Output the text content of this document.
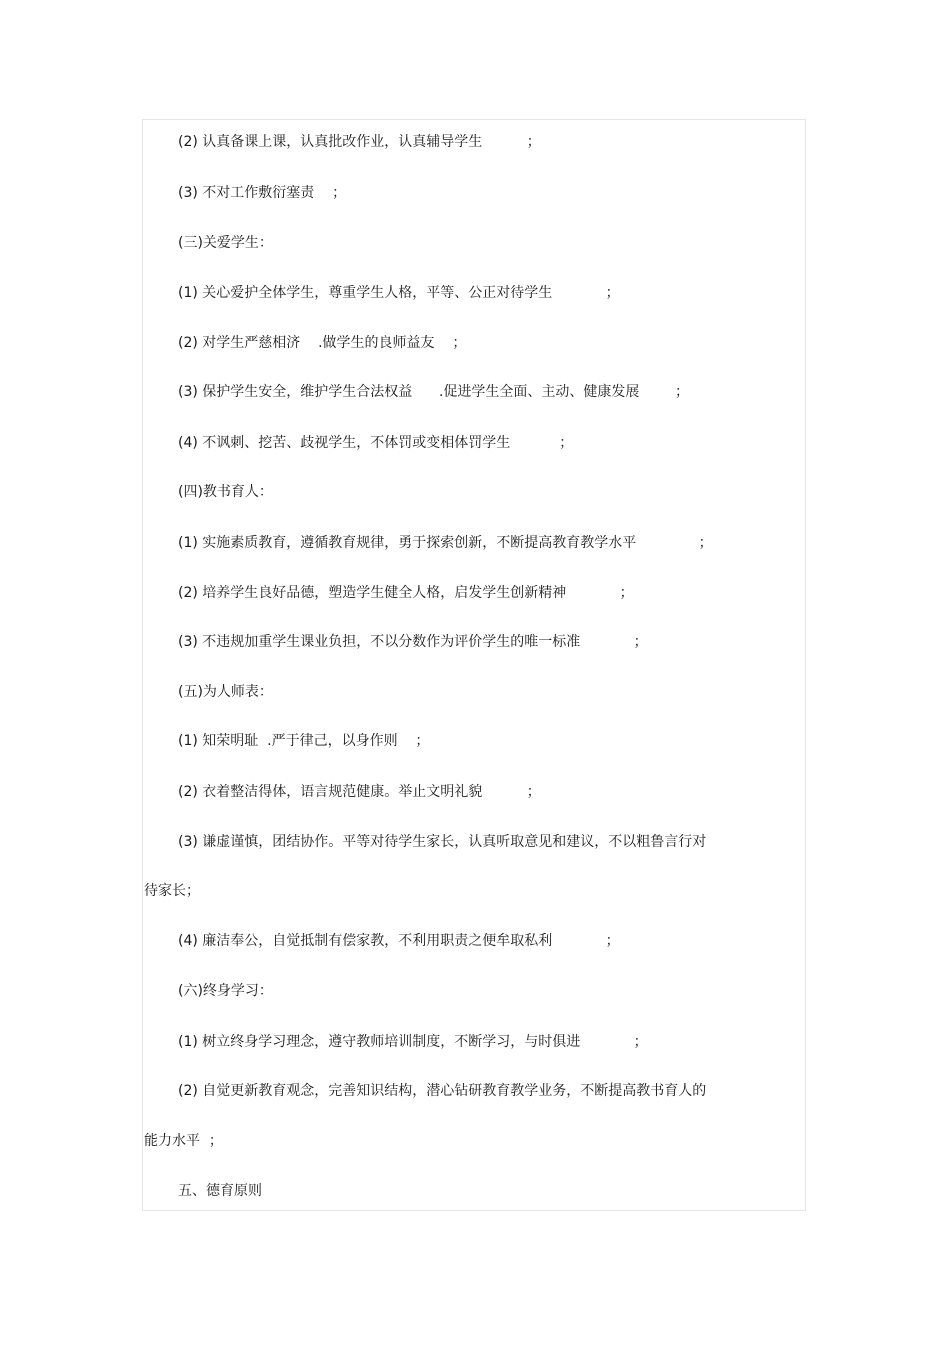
(2) 认真备课上课，认真批改作业，认真辅导学生          ；
(3) 不对工作敷衍塞责    ；
(三)关爱学生：
(1) 关心爱护全体学生，尊重学生人格，平等、公正对待学生            ；
(2) 对学生严慈相济    .做学生的良师益友    ；
(3) 保护学生安全，维护学生合法权益      .促进学生全面、主动、健康发展        ；
(4) 不讽刺、挖苦、歧视学生，不体罚或变相体罚学生           ；
(四)教书育人：
(1) 实施素质教育，遵循教育规律，勇于探索创新，不断提高教育教学水平              ；
(2) 培养学生良好品德，塑造学生健全人格，启发学生创新精神            ；
(3) 不违规加重学生课业负担，不以分数作为评价学生的唯一标准            ；
(五)为人师表：
(1) 知荣明耻  .严于律己，以身作则    ；
(2) 衣着整洁得体，语言规范健康。举止文明礼貌          ；
(3) 谦虚谨慎，团结协作。平等对待学生家长，认真听取意见和建议，不以粗鲁言行对
待家长；
(4) 廉洁奉公，自觉抵制有偿家教，不利用职责之便牟取私利            ；
(六)终身学习：
(1) 树立终身学习理念，遵守教师培训制度，不断学习，与时俱进            ；
(2) 自觉更新教育观念，完善知识结构，潜心钻研教育教学业务，不断提高教书育人的
能力水平  ；
五、德育原则
